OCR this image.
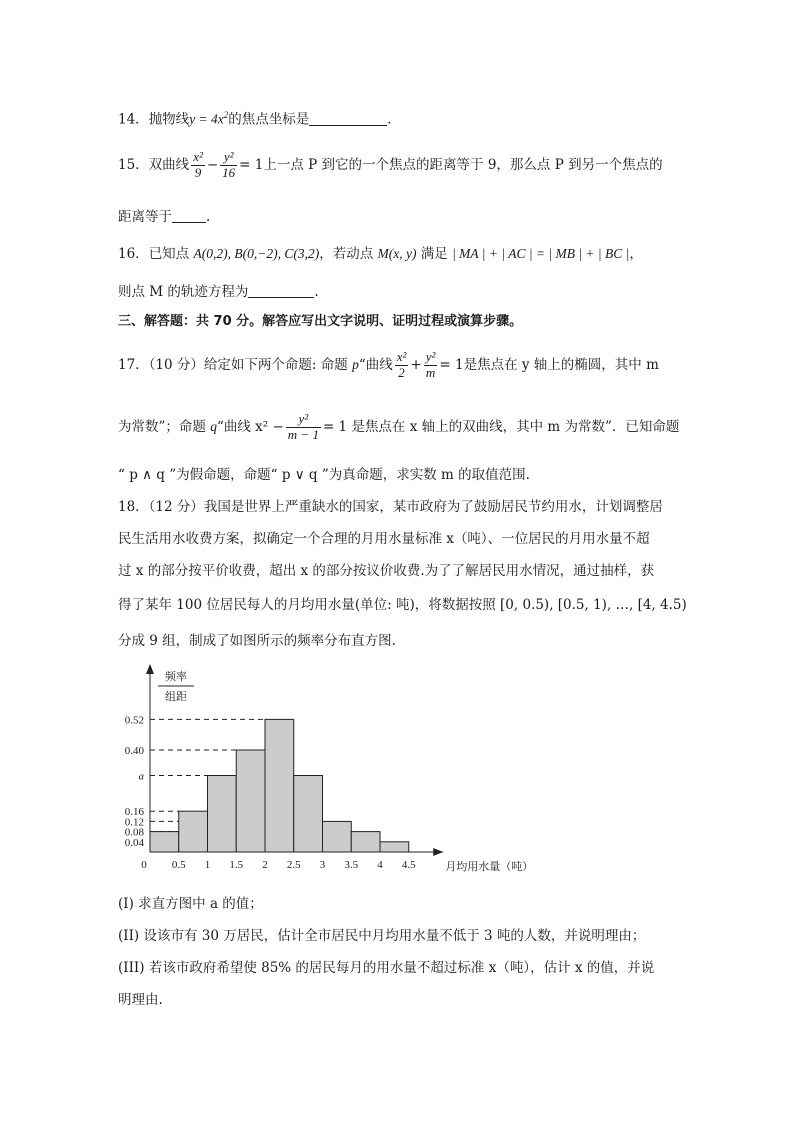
14．抛物线$y = 4x^2$的焦点坐标是	．
15．双曲线 $\frac{\text{x²}}{9} - \frac{\text{y²}}{16} = 1$上一点 P 到它的一个焦点的距离等于 9，那么点 P 到另一个焦点的
距离等于	.
16．已知点 A(0,2), B(0,−2), C(3,2)，若动点 M(x, y) 满足 | MA | + | AC | = | MB | + | BC |，
则点 M 的轨迹方程为	.
三、解答题：共 70 分。解答应写出文字说明、证明过程或演算步骤。
17．（10 分）给定如下两个命题: 命题 p“曲线 $\frac{\text{x²}}{2} + \frac{\text{y²}}{m} = 1$是焦点在 y 轴上的椭圆，其中 m
为常数”；命题 q“曲线 $x^2 - \frac{\text{y²}}{m - 1} = 1$ 是焦点在 x 轴上的双曲线，其中 m 为常数”．已知命题
“ p ∧ q ”为假命题，命题“ p ∨ q ”为真命题，求实数 m 的取值范围.
18．（12 分）我国是世界上严重缺水的国家，某市政府为了鼓励居民节约用水，计划调整居
民生活用水收费方案，拟确定一个合理的月用水量标准 x（吨）、一位居民的月用水量不超
过 x 的部分按平价收费，超出 x 的部分按议价收费.为了了解居民用水情况，通过抽样，获
得了某年 100 位居民每人的月均用水量(单位: 吨)，将数据按照 [0, 0.5), [0.5, 1), …, [4, 4.5)
分成 9 组，制成了如图所示的频率分布直方图.
0.52
0.40
a
0.16
0.12
0.08
0.04
0 0.5 1 1.5 2 2.5 3 3.5 4 4.5
频率
组距
月均用水量（吨）
(I) 求直方图中 a 的值；
(II) 设该市有 30 万居民，估计全市居民中月均用水量不低于 3 吨的人数，并说明理由；
(III) 若该市政府希望使 85% 的居民每月的用水量不超过标准 x（吨），估计 x 的值，并说
明理由.
